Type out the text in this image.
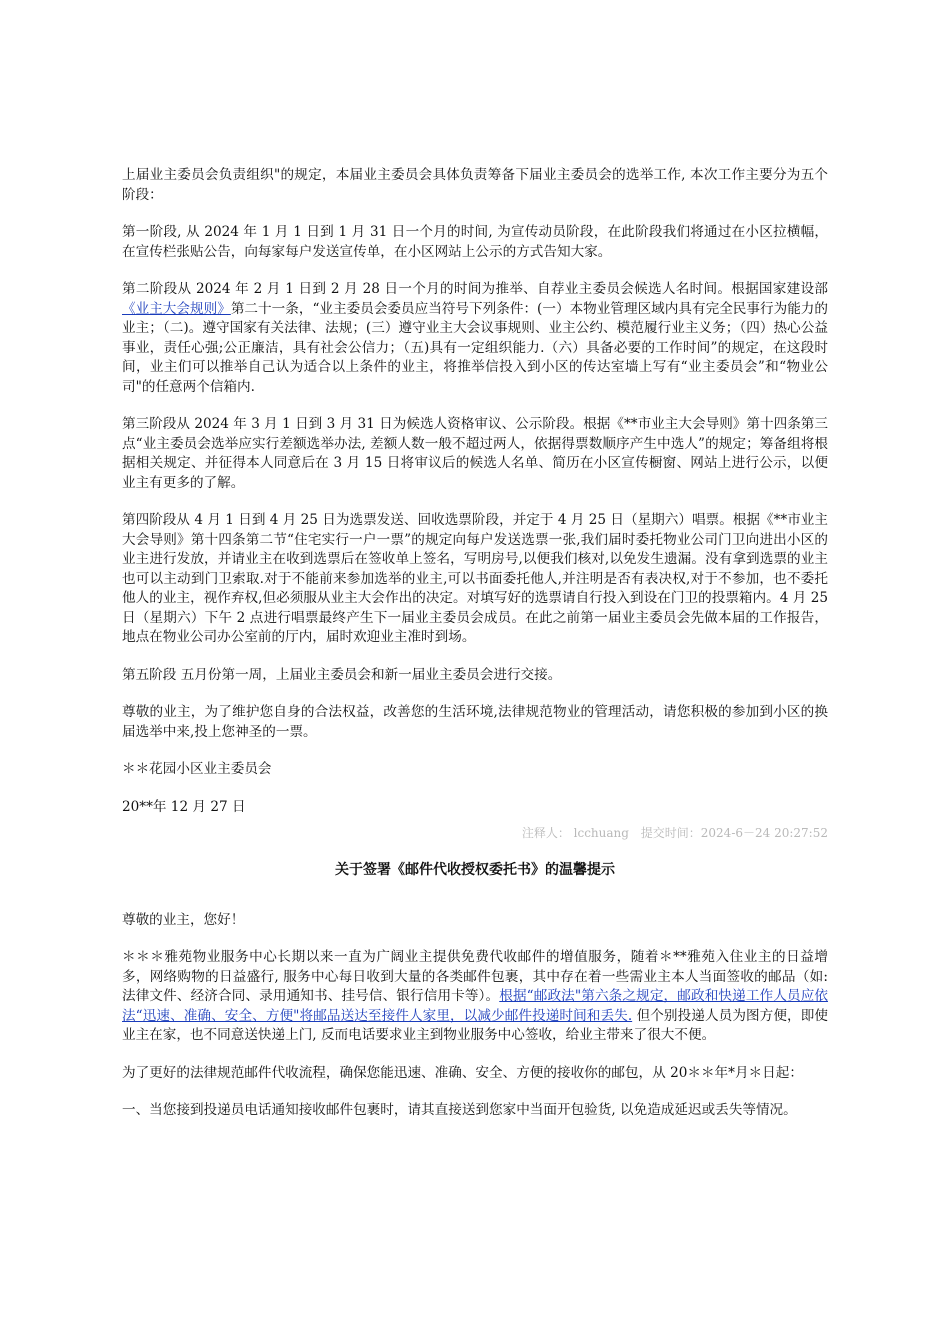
上届业主委员会负责组织"的规定，本届业主委员会具体负责筹备下届业主委员会的选举工作, 本次工作主要分为五个阶段：

第一阶段, 从 2024 年 1 月 1 日到 1 月 31 日一个月的时间, 为宣传动员阶段，在此阶段我们将通过在小区拉横幅，在宣传栏张贴公告，向每家每户发送宣传单，在小区网站上公示的方式告知大家。

第二阶段从 2024 年 2 月 1 日到 2 月 28 日一个月的时间为推举、自荐业主委员会候选人名时间。根据国家建设部《业主大会规则》第二十一条，“业主委员会委员应当符号下列条件：(一）本物业管理区域内具有完全民事行为能力的业主；（二)。遵守国家有关法律、法规；(三）遵守业主大会议事规则、业主公约、模范履行业主义务；（四）热心公益事业，责任心强;公正廉洁，具有社会公信力；（五)具有一定组织能力.（六）具备必要的工作时间”的规定，在这段时间，业主们可以推举自己认为适合以上条件的业主，将推举信投入到小区的传达室墙上写有“业主委员会”和“物业公司"的任意两个信箱内.

第三阶段从 2024 年 3 月 1 日到 3 月 31 日为候选人资格审议、公示阶段。根据《**市业主大会导则》第十四条第三点“业主委员会选举应实行差额选举办法, 差额人数一般不超过两人，依据得票数顺序产生中选人”的规定；筹备组将根据相关规定、并征得本人同意后在 3 月 15 日将审议后的候选人名单、简历在小区宣传橱窗、网站上进行公示，以便业主有更多的了解。

第四阶段从 4 月 1 日到 4 月 25 日为选票发送、回收选票阶段，并定于 4 月 25 日（星期六）唱票。根据《**市业主大会导则》第十四条第二节“住宅实行一户一票”的规定向每户发送选票一张,我们届时委托物业公司门卫向进出小区的业主进行发放，并请业主在收到选票后在签收单上签名，写明房号,以便我们核对,以免发生遗漏。没有拿到选票的业主也可以主动到门卫索取.对于不能前来参加选举的业主,可以书面委托他人,并注明是否有表决权,对于不参加，也不委托他人的业主，视作弃权,但必须服从业主大会作出的决定。对填写好的选票请自行投入到设在门卫的投票箱内。4 月 25 日（星期六）下午 2 点进行唱票最终产生下一届业主委员会成员。在此之前第一届业主委员会先做本届的工作报告，地点在物业公司办公室前的厅内，届时欢迎业主准时到场。

第五阶段 五月份第一周，上届业主委员会和新一届业主委员会进行交接。

尊敬的业主，为了维护您自身的合法权益，改善您的生活环境,法律规范物业的管理活动，请您积极的参加到小区的换届选举中来,投上您神圣的一票。

＊＊花园小区业主委员会

20**年 12 月 27 日

注释人： lcchuang 提交时间：2024-6－24 20:27:52
关于签署《邮件代收授权委托书》的温馨提示

尊敬的业主，您好！

＊＊＊雅苑物业服务中心长期以来一直为广阔业主提供免费代收邮件的增值服务，随着＊**雅苑入住业主的日益增多，网络购物的日益盛行, 服务中心每日收到大量的各类邮件包裹，其中存在着一些需业主本人当面签收的邮品（如:法律文件、经济合同、录用通知书、挂号信、银行信用卡等）。根据“邮政法"第六条之规定，邮政和快递工作人员应依法“迅速、准确、安全、方便"将邮品送达至接件人家里，以减少邮件投递时间和丢失. 但个别投递人员为图方便，即使业主在家，也不同意送快递上门, 反而电话要求业主到物业服务中心签收，给业主带来了很大不便。

为了更好的法律规范邮件代收流程，确保您能迅速、准确、安全、方便的接收你的邮包，从 20＊＊年*月＊日起：

一、当您接到投递员电话通知接收邮件包裹时，请其直接送到您家中当面开包验货, 以免造成延迟或丢失等情况。
